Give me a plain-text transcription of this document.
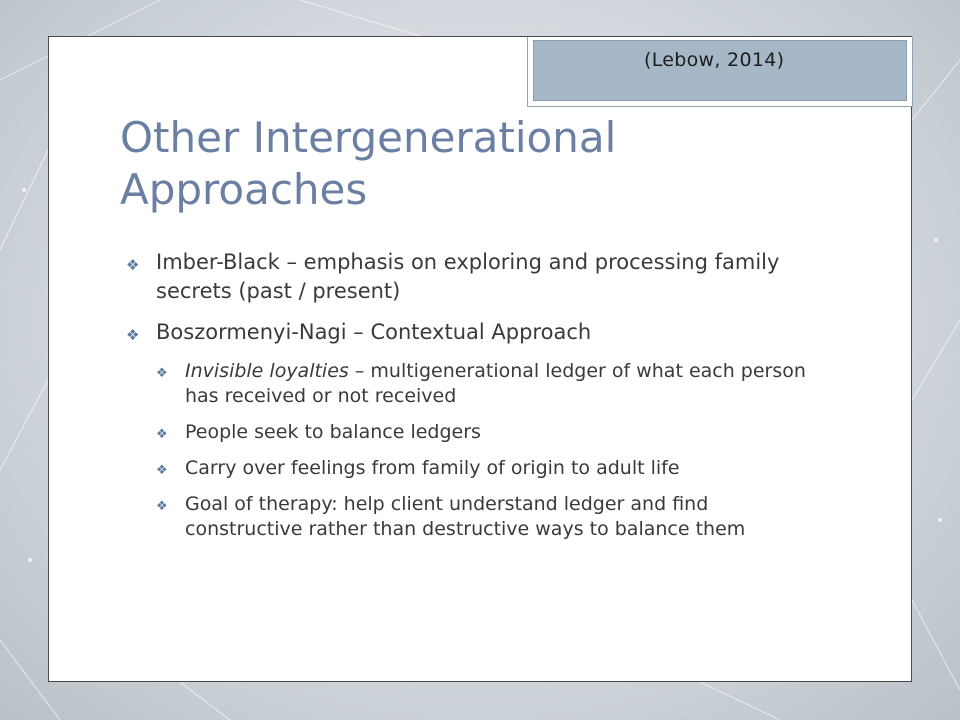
(Lebow, 2014)
Other Intergenerational Approaches
❖ Imber-Black – emphasis on exploring and processing family secrets (past / present)
❖ Boszormenyi-Nagi – Contextual Approach
❖ Invisible loyalties – multigenerational ledger of what each person has received or not received
❖ People seek to balance ledgers
❖ Carry over feelings from family of origin to adult life
❖ Goal of therapy: help client understand ledger and find constructive rather than destructive ways to balance them
